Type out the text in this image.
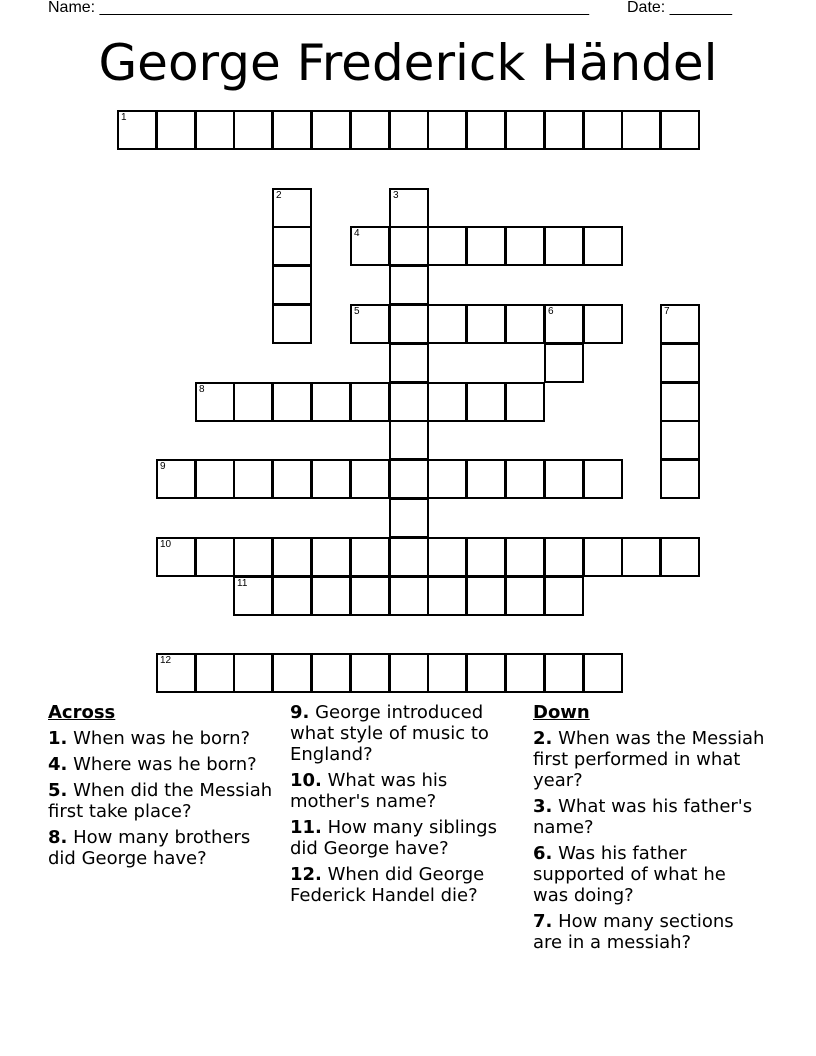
Name: _______________________________________________________ Date: _______
George Frederick Händel
1
2	3
4
5	6	7
8
9
10
11
12
Across
1. When was he born?
4. Where was he born?
5. When did the Messiah first take place?
8. How many brothers did George have?
9. George introduced what style of music to England?
10. What was his mother's name?
11. How many siblings did George have?
12. When did George Federick Handel die?
Down
2. When was the Messiah first performed in what year?
3. What was his father's name?
6. Was his father supported of what he was doing?
7. How many sections are in a messiah?
